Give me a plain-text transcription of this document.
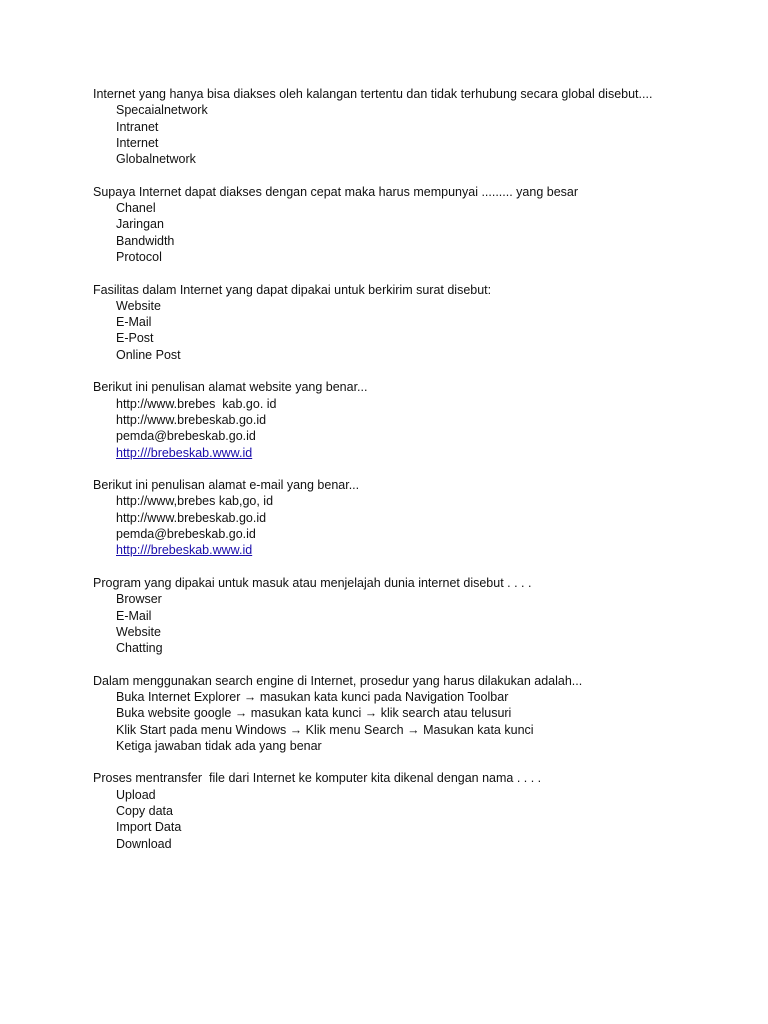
Internet yang hanya bisa diakses oleh kalangan tertentu dan tidak terhubung secara global disebut....
Specaialnetwork
Intranet
Internet
Globalnetwork
Supaya Internet dapat diakses dengan cepat maka harus mempunyai ......... yang besar
Chanel
Jaringan
Bandwidth
Protocol
Fasilitas dalam Internet yang dapat dipakai untuk berkirim surat disebut:
Website
E-Mail
E-Post
Online Post
Berikut ini penulisan alamat website yang benar...
http://www.brebes  kab.go. id
http://www.brebeskab.go.id
pemda@brebeskab.go.id
http:///brebeskab.www.id
Berikut ini penulisan alamat e-mail yang benar...
http://www,brebes kab,go, id
http://www.brebeskab.go.id
pemda@brebeskab.go.id
http:///brebeskab.www.id
Program yang dipakai untuk masuk atau menjelajah dunia internet disebut . . . .
Browser
E-Mail
Website
Chatting
Dalam menggunakan search engine di Internet, prosedur yang harus dilakukan adalah...
Buka Internet Explorer → masukan kata kunci pada Navigation Toolbar
Buka website google → masukan kata kunci → klik search atau telusuri
Klik Start pada menu Windows → Klik menu Search → Masukan kata kunci
Ketiga jawaban tidak ada yang benar
Proses mentransfer  file dari Internet ke komputer kita dikenal dengan nama . . . .
Upload
Copy data
Import Data
Download
